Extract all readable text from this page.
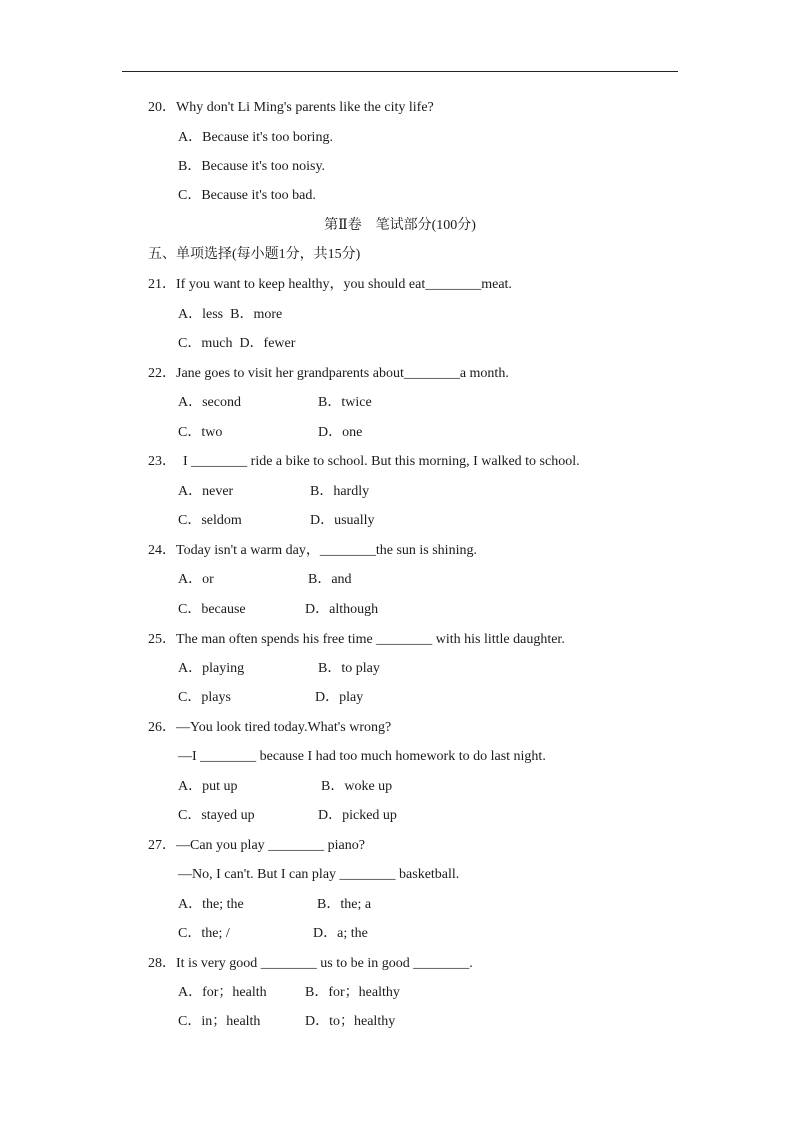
20．Why don't Li Ming's parents like the city life?
A．Because it's too boring.
B．Because it's too noisy.
C．Because it's too bad.
第Ⅱ卷　笔试部分(100分)
五、单项选择(每小题1分，共15分)
21．If you want to keep healthy，you should eat________meat.
A．less  B．more
C．much  D．fewer
22．Jane goes to visit her grandparents about________a month.
A．second	B．twice
C．two	D．one
23．  I ________ ride a bike to school. But this morning, I walked to school.
A．never	B．hardly
C．seldom	D．usually
24．Today isn't a warm day，________the sun is shining.
A．or	B．and
C．because	D．although
25．The man often spends his free time ________ with his little daughter.
A．playing	B．to play
C．plays	D．play
26．—You look tired today.What's wrong?
—I ________ because I had too much homework to do last night.
A．put up	B．woke up
C．stayed up	D．picked up
27．—Can you play ________ piano?
—No, I can't. But I can play ________ basketball.
A．the; the	B．the; a
C．the; /	D．a; the
28．It is very good ________ us to be in good ________.
A．for；health	B．for；healthy
C．in；health	D．to；healthy
